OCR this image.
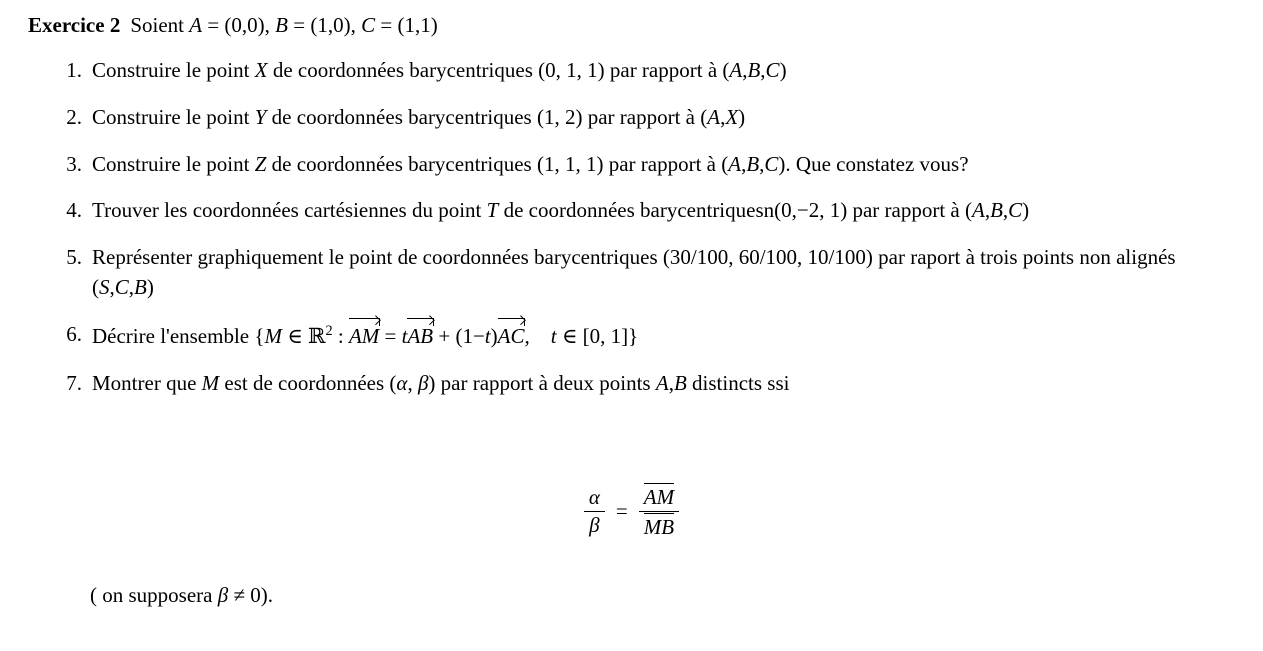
Exercice 2 Soient A = (0,0), B = (1,0), C = (1,1)
1. Construire le point X de coordonnées barycentriques (0, 1, 1) par rapport à (A,B,C)
2. Construire le point Y de coordonnées barycentriques (1, 2) par rapport à (A,X)
3. Construire le point Z de coordonnées barycentriques (1, 1, 1) par rapport à (A,B,C). Que constatez vous?
4. Trouver les coordonnées cartésiennes du point T de coordonnées barycentriquesn(0,−2, 1) par rapport à (A,B,C)
5. Représenter graphiquement le point de coordonnées barycentriques (30/100, 60/100, 10/100) par raport à trois points non alignés (S,C,B)
6. Décrire l'ensemble {M ∈ ℝ$^2$ : AM = tAB + (1−t)AC,    t ∈ [0, 1]}
7. Montrer que M est de coordonnées (α, β) par rapport à deux points A,B distincts ssi
$\frac{\alpha}{\beta} = \frac{AM}{MB}$
( on supposera β ≠ 0).
